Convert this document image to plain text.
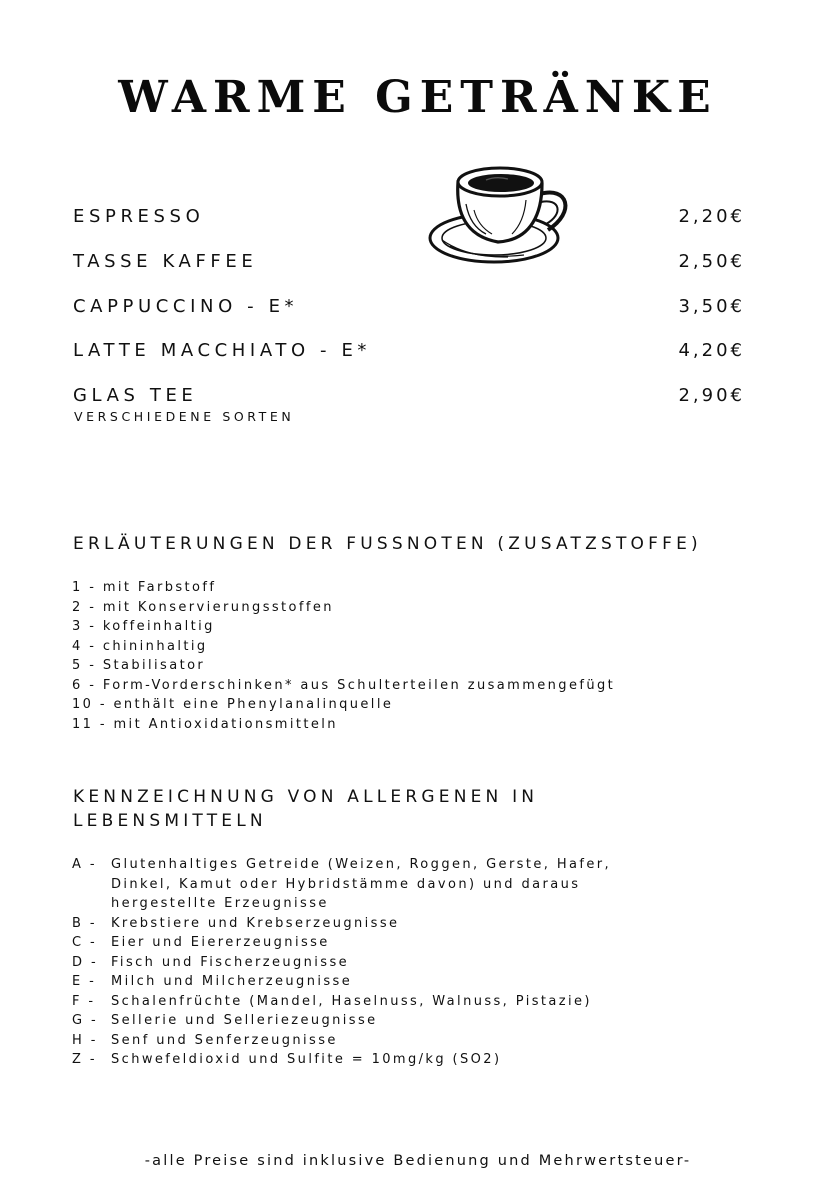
WARME GETRÄNKE
ESPRESSO	2,20€
TASSE KAFFEE	2,50€
CAPPUCCINO - E*	3,50€
LATTE MACCHIATO - E*	4,20€
GLAS TEE	2,90€
VERSCHIEDENE SORTEN
ERLÄUTERUNGEN DER FUSSNOTEN (ZUSATZSTOFFE)
1 - mit Farbstoff
2 - mit Konservierungsstoffen
3 - koffeinhaltig
4 - chininhaltig
5 - Stabilisator
6 - Form-Vorderschinken* aus Schulterteilen zusammengefügt
10 - enthält eine Phenylanalinquelle
11 - mit Antioxidationsmitteln
KENNZEICHNUNG VON ALLERGENEN IN
LEBENSMITTELN
A -	Glutenhaltiges Getreide (Weizen, Roggen, Gerste, Hafer,
Dinkel, Kamut oder Hybridstämme davon) und daraus
hergestellte Erzeugnisse
B -	Krebstiere und Krebserzeugnisse
C -	Eier und Eiererzeugnisse
D - Fisch und Fischerzeugnisse
E -	Milch und Milcherzeugnisse
F -	Schalenfrüchte (Mandel, Haselnuss, Walnuss, Pistazie)
G - Sellerie und Selleriezeugnisse
H -	Senf und Senferzeugnisse
Z -	Schwefeldioxid und Sulfite = 10mg/kg (SO2)
-alle Preise sind inklusive Bedienung und Mehrwertsteuer-
